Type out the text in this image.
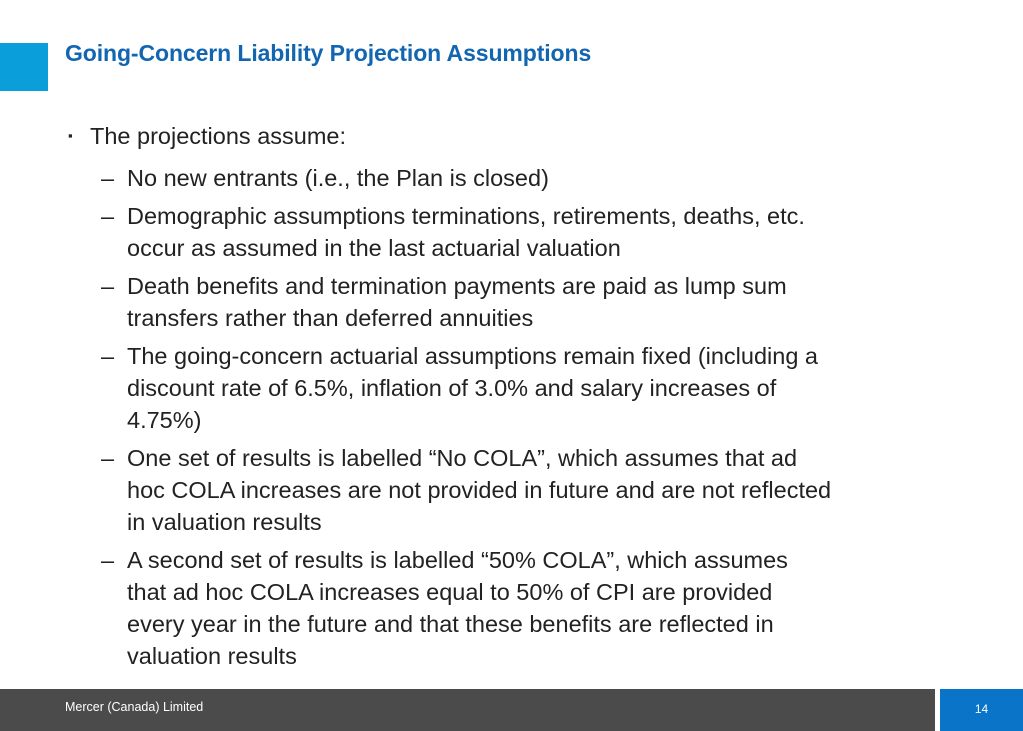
Going-Concern Liability Projection Assumptions
▪ The projections assume:
– No new entrants (i.e., the Plan is closed)
– Demographic assumptions terminations, retirements, deaths, etc.
occur as assumed in the last actuarial valuation
– Death benefits and termination payments are paid as lump sum
transfers rather than deferred annuities
– The going-concern actuarial assumptions remain fixed (including a
discount rate of 6.5%, inflation of 3.0% and salary increases of
4.75%)
– One set of results is labelled “No COLA”, which assumes that ad
hoc COLA increases are not provided in future and are not reflected
in valuation results
– A second set of results is labelled “50% COLA”, which assumes
that ad hoc COLA increases equal to 50% of CPI are provided
every year in the future and that these benefits are reflected in
valuation results
Mercer (Canada) Limited	14
